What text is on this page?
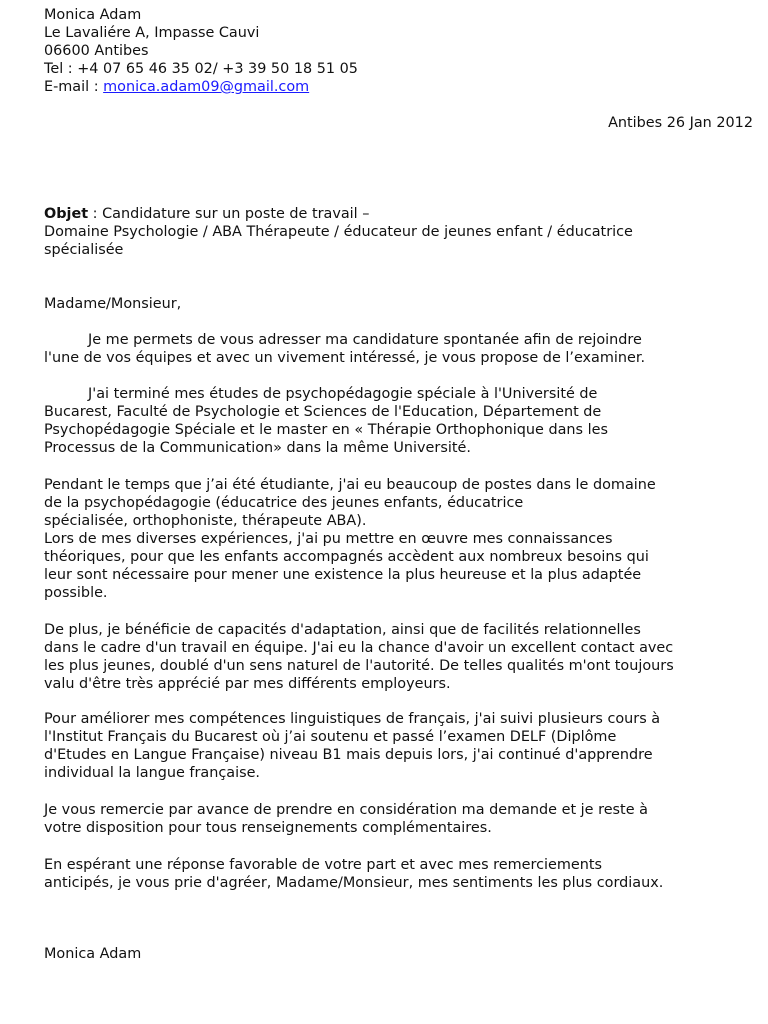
Monica Adam
Le Lavaliére A, Impasse Cauvi
06600 Antibes
Tel : +4 07 65 46 35 02/ +3 39 50 18 51 05
E-mail : monica.adam09@gmail.com
Antibes 26 Jan 2012
Objet : Candidature sur un poste de travail –
Domaine Psychologie / ABA Thérapeute / éducateur de jeunes enfant / éducatrice
spécialisée
Madame/Monsieur,

Je me permets de vous adresser ma candidature spontanée afin de rejoindre

l'une de vos équipes et avec un vivement intéressé, je vous propose de l’examiner.

J'ai terminé mes études de psychopédagogie spéciale à l'Université de

Bucarest, Faculté de Psychologie et Sciences de l'Education, Département de

Psychopédagogie Spéciale et le master en « Thérapie Orthophonique dans les

Processus de la Communication» dans la même Université.

Pendant le temps que j’ai été étudiante, j'ai eu beaucoup de postes dans le domaine

de la psychopédagogie (éducatrice des jeunes enfants, éducatrice

spécialisée, orthophoniste, thérapeute ABA).

Lors de mes diverses expériences, j'ai pu mettre en œuvre mes connaissances

théoriques, pour que les enfants accompagnés accèdent aux nombreux besoins qui

leur sont nécessaire pour mener une existence la plus heureuse et la plus adaptée

possible.

De plus, je bénéficie de capacités d'adaptation, ainsi que de facilités relationnelles

dans le cadre d'un travail en équipe. J'ai eu la chance d'avoir un excellent contact avec

les plus jeunes, doublé d'un sens naturel de l'autorité. De telles qualités m'ont toujours

valu d'être très apprécié par mes différents employeurs.

Pour améliorer mes compétences linguistiques de français, j'ai suivi plusieurs cours à

l'Institut Français du Bucarest où j’ai soutenu et passé l’examen DELF (Diplôme

d'Etudes en Langue Française) niveau B1 mais depuis lors, j'ai continué d'apprendre

individual la langue française.

Je vous remercie par avance de prendre en considération ma demande et je reste à

votre disposition pour tous renseignements complémentaires.

En espérant une réponse favorable de votre part et avec mes remerciements

anticipés, je vous prie d'agréer, Madame/Monsieur, mes sentiments les plus cordiaux.

Monica Adam
